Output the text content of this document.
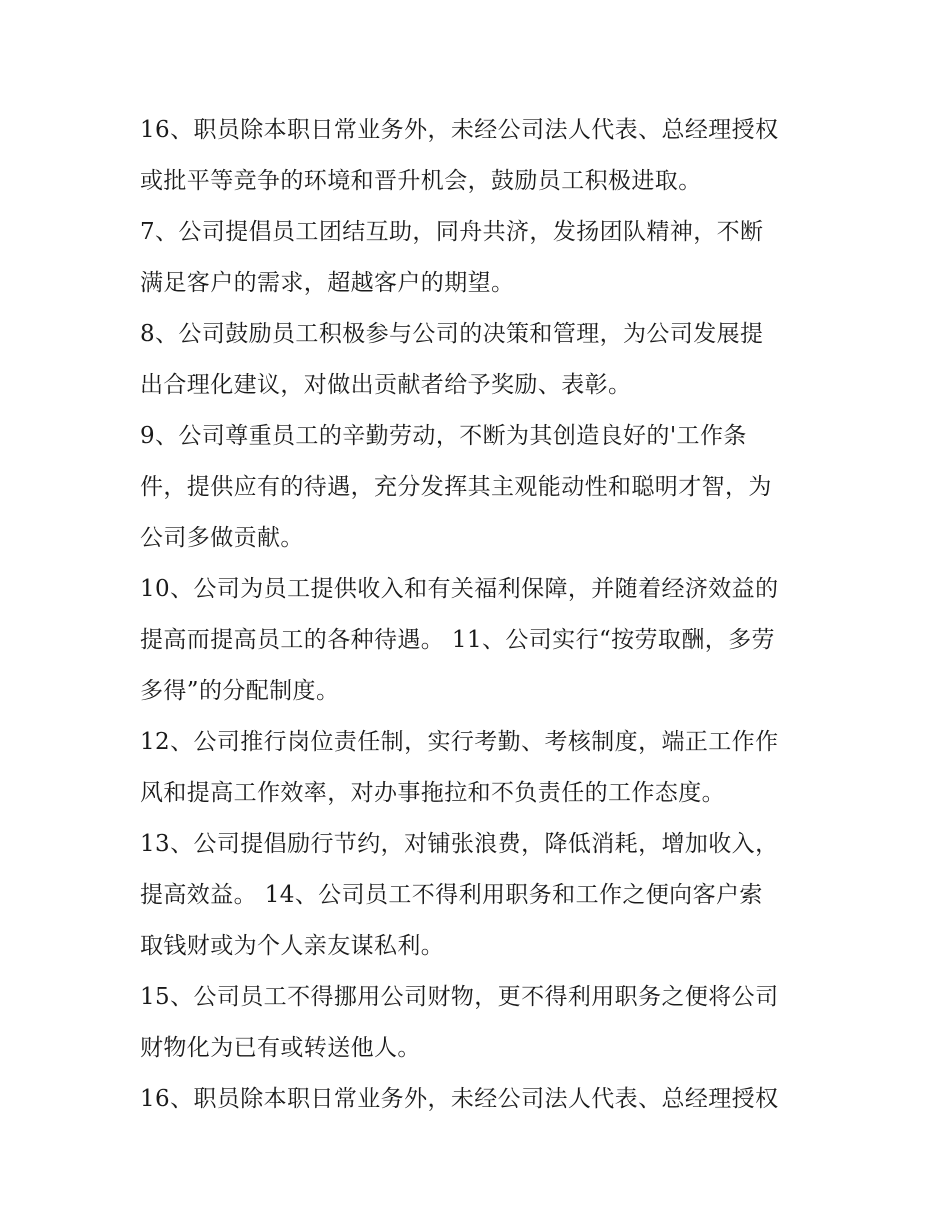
16、职员除本职日常业务外，未经公司法人代表、总经理授权
或批平等竞争的环境和晋升机会，鼓励员工积极进取。
7、公司提倡员工团结互助，同舟共济，发扬团队精神，不断
满足客户的需求，超越客户的期望。
8、公司鼓励员工积极参与公司的决策和管理，为公司发展提
出合理化建议，对做出贡献者给予奖励、表彰。
9、公司尊重员工的辛勤劳动，不断为其创造良好的'工作条
件，提供应有的待遇，充分发挥其主观能动性和聪明才智，为
公司多做贡献。
10、公司为员工提供收入和有关福利保障，并随着经济效益的
提高而提高员工的各种待遇。 11、公司实行“按劳取酬，多劳
多得”的分配制度。
12、公司推行岗位责任制，实行考勤、考核制度，端正工作作
风和提高工作效率，对办事拖拉和不负责任的工作态度。
13、公司提倡励行节约，对铺张浪费，降低消耗，增加收入，
提高效益。 14、公司员工不得利用职务和工作之便向客户索
取钱财或为个人亲友谋私利。
15、公司员工不得挪用公司财物，更不得利用职务之便将公司
财物化为已有或转送他人。
16、职员除本职日常业务外，未经公司法人代表、总经理授权
